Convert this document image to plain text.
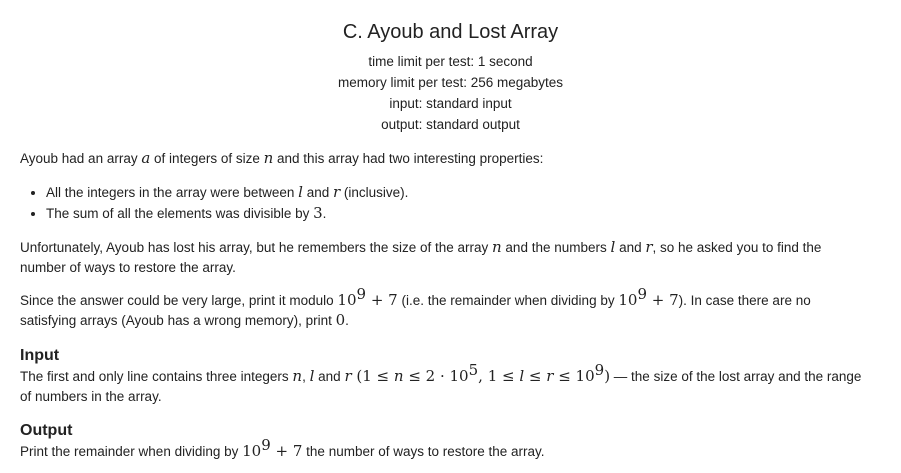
C. Ayoub and Lost Array
time limit per test: 1 second
memory limit per test: 256 megabytes
input: standard input
output: standard output
Ayoub had an array a of integers of size n and this array had two interesting properties:
• All the integers in the array were between l and r (inclusive).
• The sum of all the elements was divisible by 3.
Unfortunately, Ayoub has lost his array, but he remembers the size of the array n and the numbers l and r, so he asked you to find the
number of ways to restore the array.
Since the answer could be very large, print it modulo $10^9 + 7$ (i.e. the remainder when dividing by $10^9 + 7$). In case there are no
satisfying arrays (Ayoub has a wrong memory), print 0.
Input
The first and only line contains three integers n, l and r ($1 \le n \le 2 \cdot 10^5$, $1 \le l \le r \le 10^9$) — the size of the lost array and the range
of numbers in the array.
Output
Print the remainder when dividing by $10^9 + 7$ the number of ways to restore the array.
